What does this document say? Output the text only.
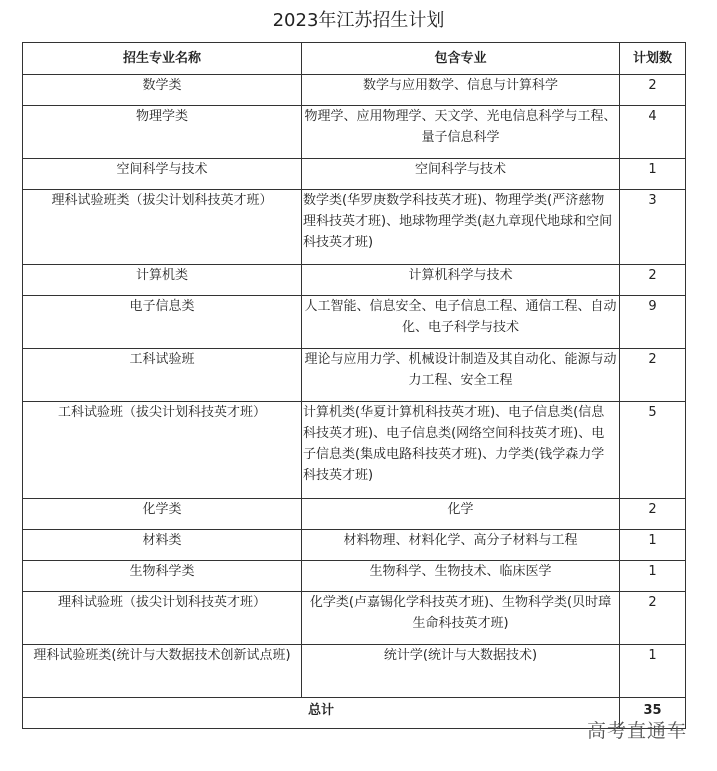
2023年江苏招生计划
招生专业名称	包含专业	计划数
数学类	数学与应用数学、信息与计算科学	2
物理学类	物理学、应用物理学、天文学、光电信息科学与工程、量子信息科学	4
空间科学与技术	空间科学与技术	1
理科试验班类（拔尖计划科技英才班）	数学类(华罗庚数学科技英才班)、物理学类(严济慈物理科技英才班)、地球物理学类(赵九章现代地球和空间科技英才班)	3
计算机类	计算机科学与技术	2
电子信息类	人工智能、信息安全、电子信息工程、通信工程、自动化、电子科学与技术	9
工科试验班	理论与应用力学、机械设计制造及其自动化、能源与动力工程、安全工程	2
工科试验班（拔尖计划科技英才班）	计算机类(华夏计算机科技英才班)、电子信息类(信息科技英才班)、电子信息类(网络空间科技英才班)、电子信息类(集成电路科技英才班)、力学类(钱学森力学科技英才班)	5
化学类	化学	2
材料类	材料物理、材料化学、高分子材料与工程	1
生物科学类	生物科学、生物技术、临床医学	1
理科试验班（拔尖计划科技英才班）	化学类(卢嘉锡化学科技英才班)、生物科学类(贝时璋生命科技英才班)	2
理科试验班类(统计与大数据技术创新试点班)	统计学(统计与大数据技术)	1
总计		35
高考直通车
